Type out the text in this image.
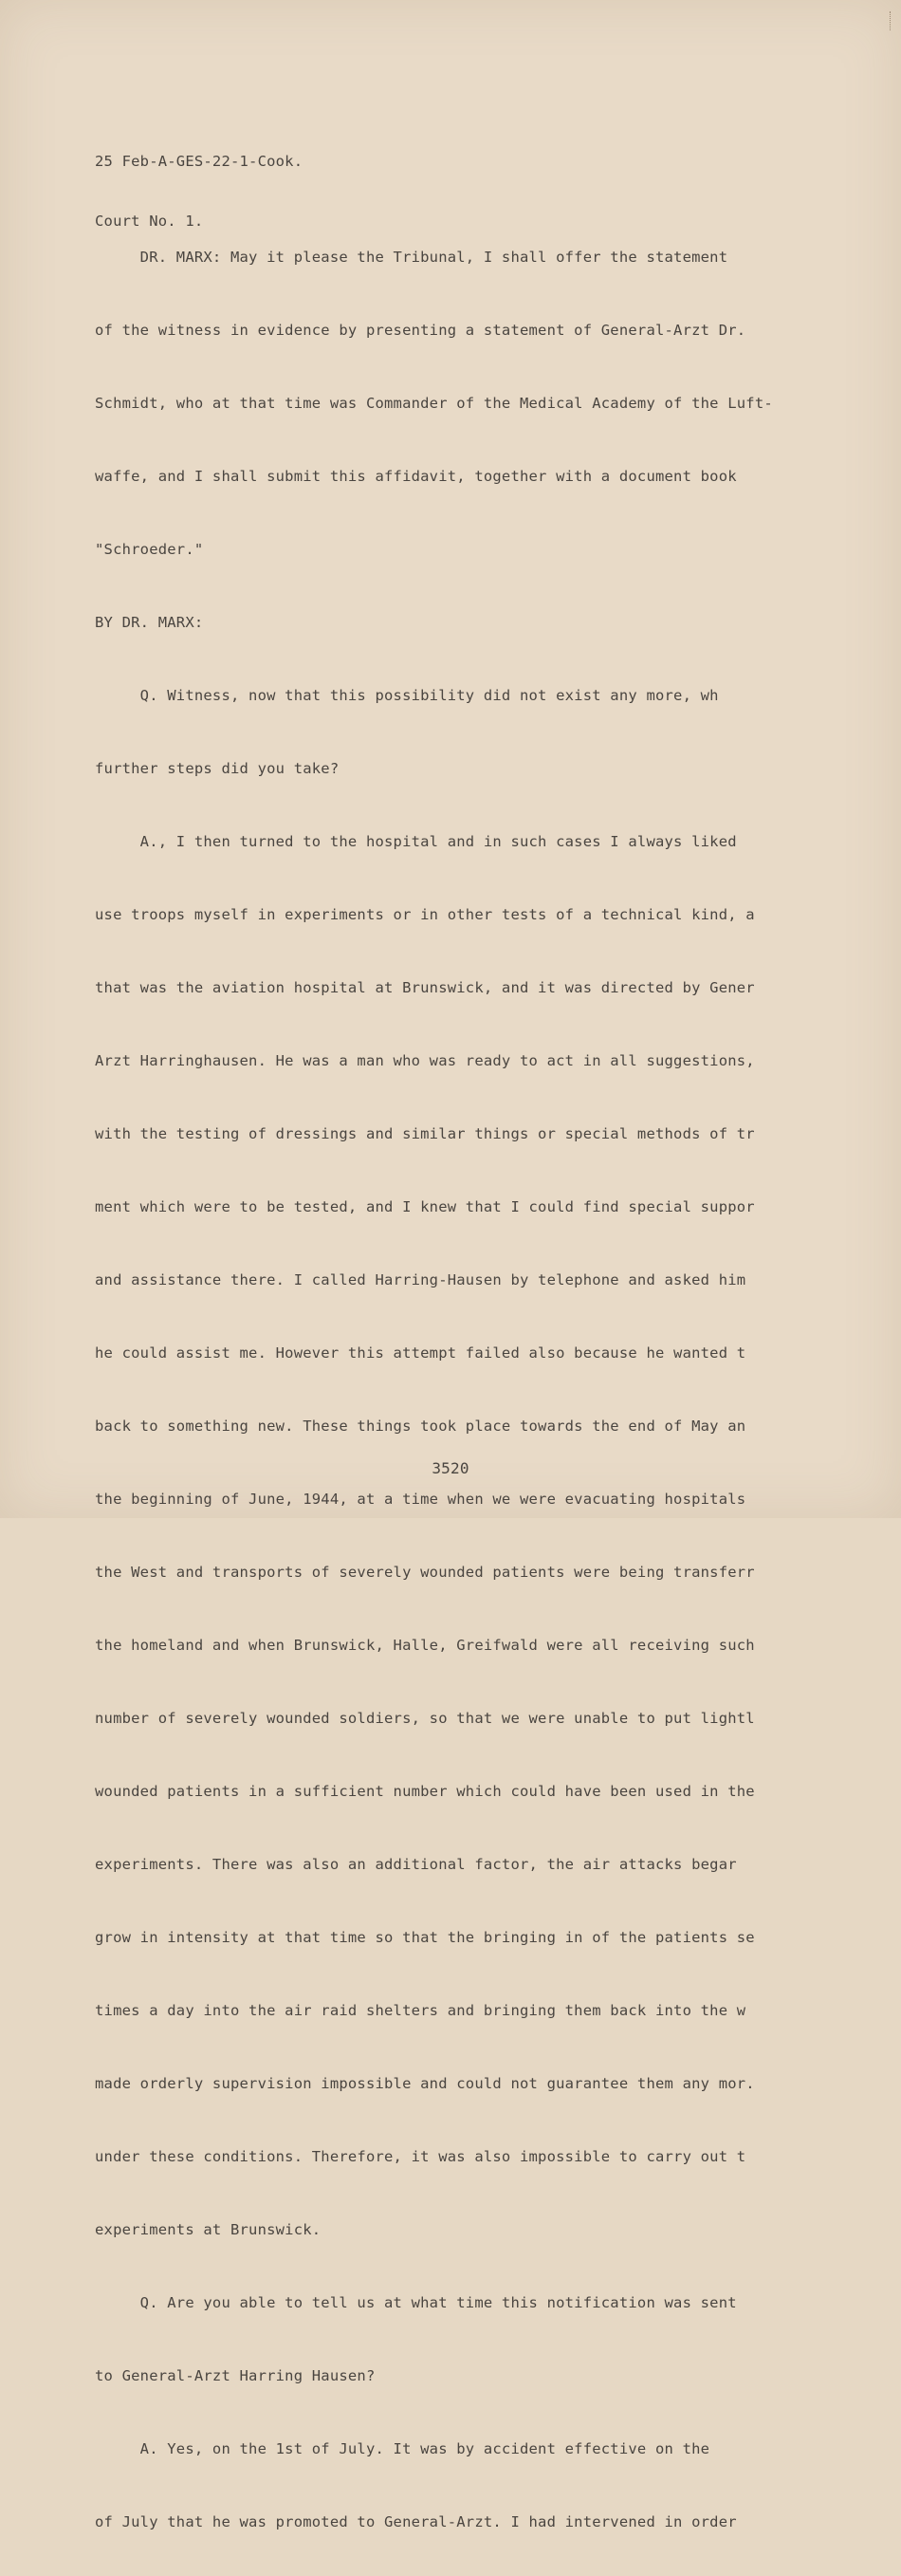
25 Feb-A-GES-22-1-Cook.

Court No. 1.

DR. MARX: May it please the Tribunal, I shall offer the statement

of the witness in evidence by presenting a statement of General-Arzt Dr.

Schmidt, who at that time was Commander of the Medical Academy of the Luft-

waffe, and I shall submit this affidavit, together with a document book

"Schroeder."

BY DR. MARX:

Q. Witness, now that this possibility did not exist any more, wh

further steps did you take?

A., I then turned to the hospital and in such cases I always liked

use troops myself in experiments or in other tests of a technical kind, a

that was the aviation hospital at Brunswick, and it was directed by Gener

Arzt Harringhausen. He was a man who was ready to act in all suggestions,

with the testing of dressings and similar things or special methods of tr

ment which were to be tested, and I knew that I could find special suppor

and assistance there. I called Harring-Hausen by telephone and asked him

he could assist me. However this attempt failed also because he wanted t

back to something new. These things took place towards the end of May an

the beginning of June, 1944, at a time when we were evacuating hospitals

the West and transports of severely wounded patients were being transferr

the homeland and when Brunswick, Halle, Greifwald were all receiving such

number of severely wounded soldiers, so that we were unable to put lightl

wounded patients in a sufficient number which could have been used in the

experiments. There was also an additional factor, the air attacks begar

grow in intensity at that time so that the bringing in of the patients se

times a day into the air raid shelters and bringing them back into the w

made orderly supervision impossible and could not guarantee them any mor.

under these conditions. Therefore, it was also impossible to carry out t

experiments at Brunswick.

Q. Are you able to tell us at what time this notification was sent

to General-Arzt Harring Hausen?

A. Yes, on the 1st of July. It was by accident effective on the

of July that he was promoted to General-Arzt. I had intervened in order

3520
